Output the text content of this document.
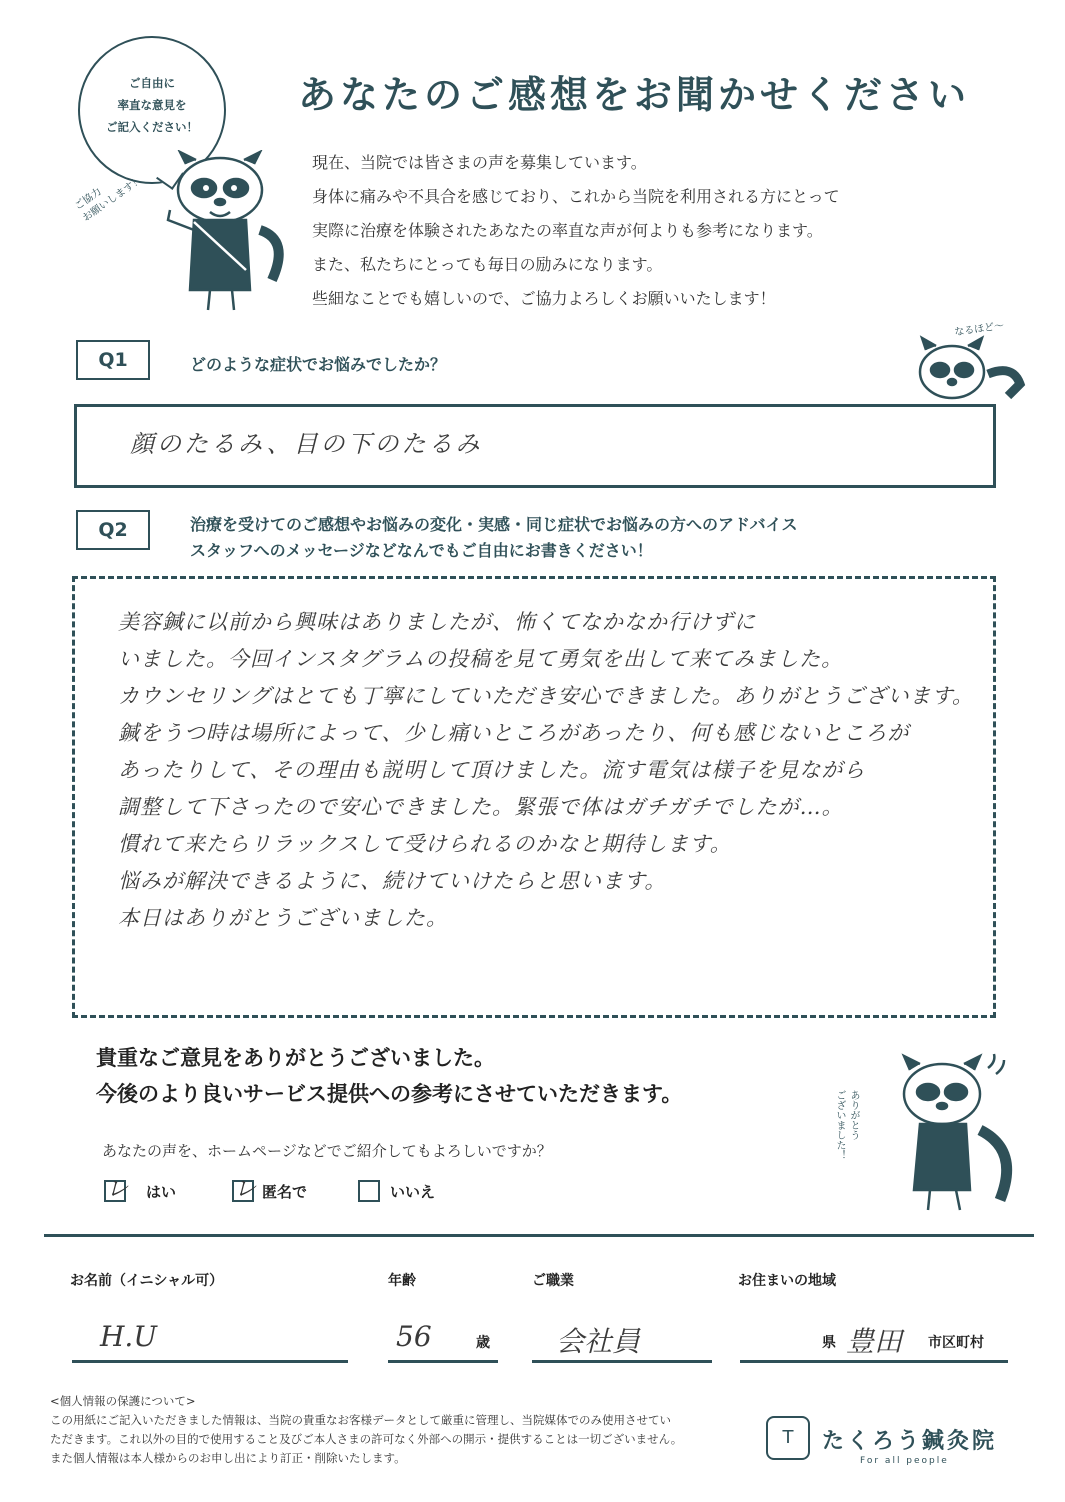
ご自由に
率直な意見を
ご記入ください！
ご協力
お願いします！
あなたのご感想をお聞かせください
現在、当院では皆さまの声を募集しています。
身体に痛みや不具合を感じており、これから当院を利用される方にとって
実際に治療を体験されたあなたの率直な声が何よりも参考になります。
また、私たちにとっても毎日の励みになります。
些細なことでも嬉しいので、ご協力よろしくお願いいたします！
Q1	どのような症状でお悩みでしたか？
なるほど〜
顔のたるみ、目の下のたるみ
Q2	治療を受けてのご感想やお悩みの変化・実感・同じ症状でお悩みの方へのアドバイス
スタッフへのメッセージなどなんでもご自由にお書きください！
美容鍼に以前から興味はありましたが、怖くてなかなか行けずに
いました。今回インスタグラムの投稿を見て勇気を出して来てみました。
カウンセリングはとても丁寧にしていただき安心できました。ありがとうございます。
鍼をうつ時は場所によって、少し痛いところがあったり、何も感じないところが
あったりして、その理由も説明して頂けました。流す電気は様子を見ながら
調整して下さったので安心できました。緊張で体はガチガチでしたが…。
慣れて来たらリラックスして受けられるのかなと期待します。
悩みが解決できるように、続けていけたらと思います。
本日はありがとうございました。
貴重なご意見をありがとうございました。
今後のより良いサービス提供への参考にさせていただきます。	ありがとう
ございました！
あなたの声を、ホームページなどでご紹介してもよろしいですか？
レ はい	レ 匿名で	いいえ
お名前（イニシャル可）
H.U
年齢
56	歳
ご職業
会社員
お住まいの地域
県 豊田 市区町村
<個人情報の保護について>
この用紙にご記入いただきました情報は、当院の貴重なお客様データとして厳重に管理し、当院媒体でのみ使用させてい
ただきます。これ以外の目的で使用すること及びご本人さまの許可なく外部への開示・提供することは一切ございません。
また個人情報は本人様からのお申し出により訂正・削除いたします。
T	たくろう鍼灸院
For all people
